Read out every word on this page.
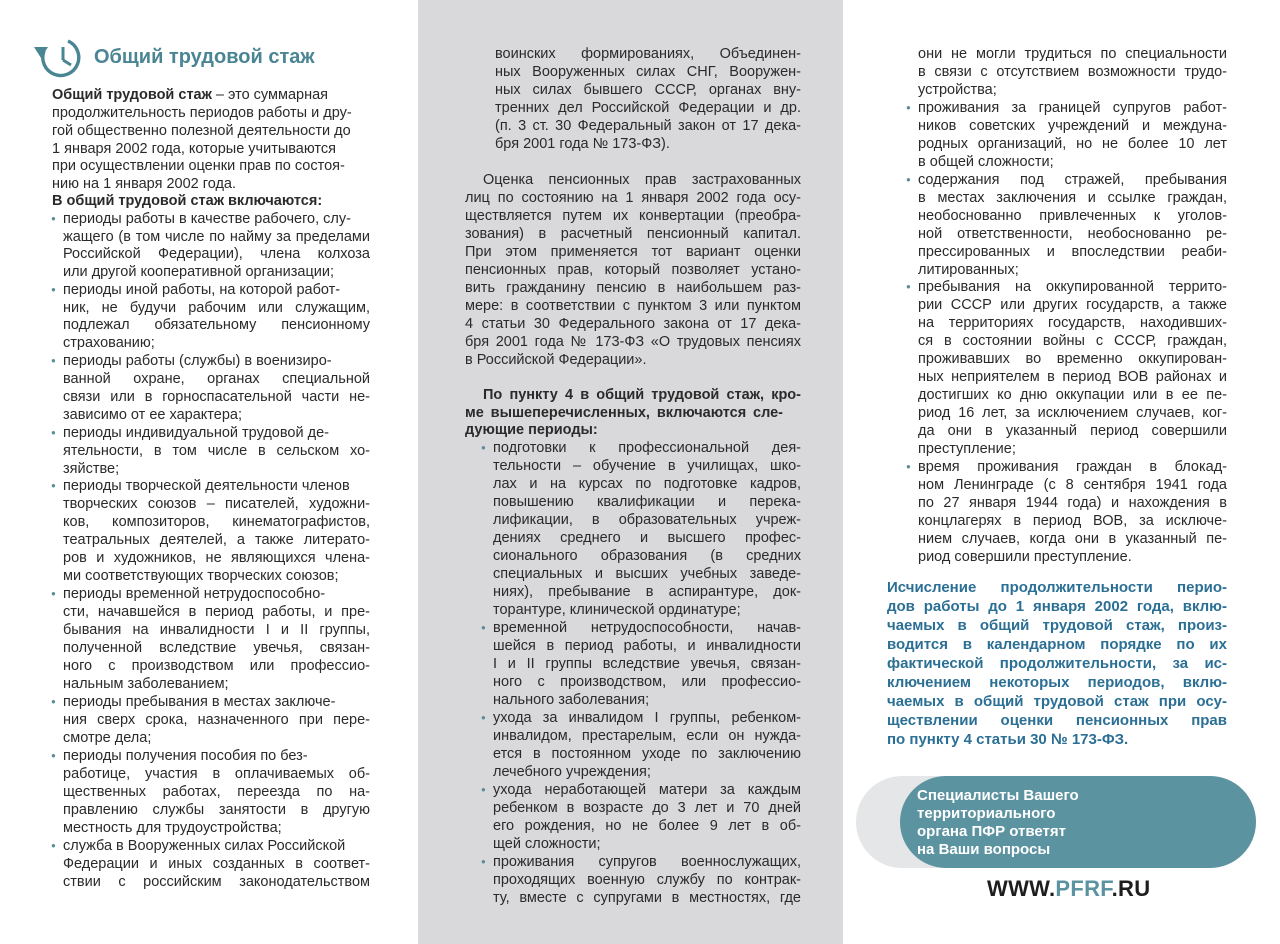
Общий трудовой стаж
Общий трудовой стаж – это суммарная
продолжительность периодов работы и дру-
гой общественно полезной деятельности до
1 января 2002 года, которые учитываются
при осуществлении оценки прав по состоя-
нию на 1 января 2002 года.
В общий трудовой стаж включаются:
● периоды работы в качестве рабочего, слу-
жащего (в том числе по найму за пределами
Российской Федерации), члена колхоза
или другой кооперативной организации;
● периоды иной работы, на которой работ-
ник, не будучи рабочим или служащим,
подлежал обязательному пенсионному
страхованию;
● периоды работы (службы) в военизиро-
ванной охране, органах специальной
связи или в горноспасательной части не-
зависимо от ее характера;
● периоды индивидуальной трудовой де-
ятельности, в том числе в сельском хо-
зяйстве;
● периоды творческой деятельности членов
творческих союзов – писателей, художни-
ков, композиторов, кинематографистов,
театральных деятелей, а также литерато-
ров и художников, не являющихся члена-
ми соответствующих творческих союзов;
● периоды временной нетрудоспособно-
сти, начавшейся в период работы, и пре-
бывания на инвалидности I и II группы,
полученной вследствие увечья, связан-
ного с производством или профессио-
нальным заболеванием;
● периоды пребывания в местах заключе-
ния сверх срока, назначенного при пере-
смотре дела;
● периоды получения пособия по без-
работице, участия в оплачиваемых об-
щественных работах, переезда по на-
правлению службы занятости в другую
местность для трудоустройства;
● служба в Вооруженных силах Российской
Федерации и иных созданных в соответ-
ствии с российским законодательством
воинских формированиях, Объединен-
ных Вооруженных силах СНГ, Вооружен-
ных силах бывшего СССР, органах вну-
тренних дел Российской Федерации и др.
(п. 3 ст. 30 Федеральный закон от 17 дека-
бря 2001 года № 173-ФЗ).
Оценка пенсионных прав застрахованных
лиц по состоянию на 1 января 2002 года осу-
ществляется путем их конвертации (преобра-
зования) в расчетный пенсионный капитал.
При этом применяется тот вариант оценки
пенсионных прав, который позволяет устано-
вить гражданину пенсию в наибольшем раз-
мере: в соответствии с пунктом 3 или пунктом
4 статьи 30 Федерального закона от 17 дека-
бря 2001 года № 173-ФЗ «О трудовых пенсиях
в Российской Федерации».
По пункту 4 в общий трудовой стаж, кро-
ме вышеперечисленных, включаются сле-
дующие периоды:
● подготовки к профессиональной дея-
тельности – обучение в училищах, шко-
лах и на курсах по подготовке кадров,
повышению квалификации и перека-
лификации, в образовательных учреж-
дениях среднего и высшего профес-
сионального образования (в средних
специальных и высших учебных заведе-
ниях), пребывание в аспирантуре, док-
торантуре, клинической ординатуре;
● временной нетрудоспособности, начав-
шейся в период работы, и инвалидности
I и II группы вследствие увечья, связан-
ного с производством, или професcио-
нального заболевания;
● ухода за инвалидом I группы, ребенком-
инвалидом, престарелым, если он нужда-
ется в постоянном уходе по заключению
лечебного учреждения;
● ухода неработающей матери за каждым
ребенком в возрасте до 3 лет и 70 дней
его рождения, но не более 9 лет в об-
щей сложности;
● проживания супругов военнослужащих,
проходящих военную службу по контрак-
ту, вместе с супругами в местностях, где
они не могли трудиться по специальности
в связи с отсутствием возможности трудо-
устройства;
● проживания за границей супругов работ-
ников советских учреждений и междуна-
родных организаций, но не более 10 лет
в общей сложности;
● содержания под стражей, пребывания
в местах заключения и ссылке граждан,
необоснованно привлеченных к уголов-
ной ответственности, необоснованно ре-
прессированных и впоследствии реаби-
литированных;
● пребывания на оккупированной террито-
рии СССР или других государств, а также
на территориях государств, находивших-
ся в состоянии войны с СССР, граждан,
проживавших во временно оккупирован-
ных неприятелем в период ВОВ районах и
достигших ко дню оккупации или в ее пе-
риод 16 лет, за исключением случаев, ког-
да они в указанный период совершили
преступление;
● время проживания граждан в блокад-
ном Ленинграде (с 8 сентября 1941 года
по 27 января 1944 года) и нахождения в
концлагерях в период ВОВ, за исключе-
нием случаев, когда они в указанный пе-
риод совершили преступление.
Исчисление продолжительности перио-
дов работы до 1 января 2002 года, вклю-
чаемых в общий трудовой стаж, произ-
водится в календарном порядке по их
фактической продолжительности, за ис-
ключением некоторых периодов, вклю-
чаемых в общий трудовой стаж при осу-
ществлении оценки пенсионных прав
по пункту 4 статьи 30 № 173-ФЗ.
Специалисты Вашего
территориального
органа ПФР ответят
на Ваши вопросы
WWW.PFRF.RU
